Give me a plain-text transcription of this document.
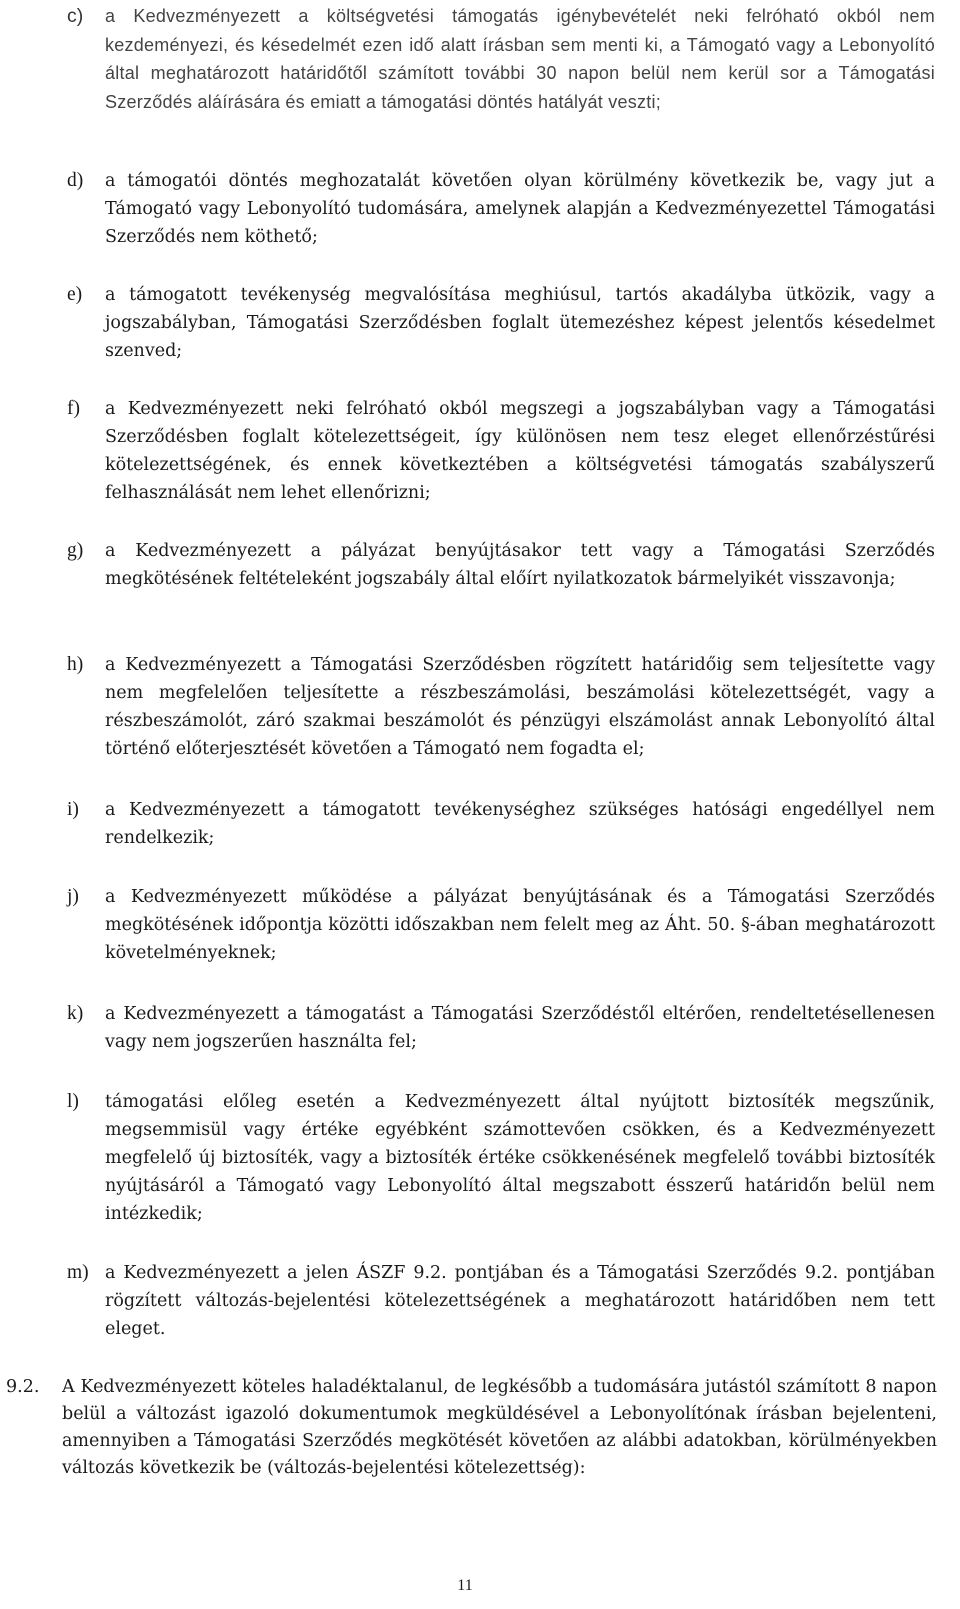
c) a Kedvezményezett a költségvetési támogatás igénybevételét neki felróható okból nem kezdeményezi, és késedelmét ezen idő alatt írásban sem menti ki, a Támogató vagy a Lebonyolító által meghatározott határidőtől számított további 30 napon belül nem kerül sor a Támogatási Szerződés aláírására és emiatt a támogatási döntés hatályát veszti;
d) a támogatói döntés meghozatalát követően olyan körülmény következik be, vagy jut a Támogató vagy Lebonyolító tudomására, amelynek alapján a Kedvezményezettel Támogatási Szerződés nem köthető;
e) a támogatott tevékenység megvalósítása meghiúsul, tartós akadályba ütközik, vagy a jogszabályban, Támogatási Szerződésben foglalt ütemezéshez képest jelentős késedelmet szenved;
f) a Kedvezményezett neki felróható okból megszegi a jogszabályban vagy a Támogatási Szerződésben foglalt kötelezettségeit, így különösen nem tesz eleget ellenőrzéstűrési kötelezettségének, és ennek következtében a költségvetési támogatás szabályszerű felhasználását nem lehet ellenőrizni;
g) a Kedvezményezett a pályázat benyújtásakor tett vagy a Támogatási Szerződés megkötésének feltételeként jogszabály által előírt nyilatkozatok bármelyikét visszavonja;
h) a Kedvezményezett a Támogatási Szerződésben rögzített határidőig sem teljesítette vagy nem megfelelően teljesítette a részbeszámolási, beszámolási kötelezettségét, vagy a részbeszámolót, záró szakmai beszámolót és pénzügyi elszámolást annak Lebonyolító által történő előterjesztését követően a Támogató nem fogadta el;
i) a Kedvezményezett a támogatott tevékenységhez szükséges hatósági engedéllyel nem rendelkezik;
j) a Kedvezményezett működése a pályázat benyújtásának és a Támogatási Szerződés megkötésének időpontja közötti időszakban nem felelt meg az Áht. 50. §-ában meghatározott követelményeknek;
k) a Kedvezményezett a támogatást a Támogatási Szerződéstől eltérően, rendeltetésellenesen vagy nem jogszerűen használta fel;
l) támogatási előleg esetén a Kedvezményezett által nyújtott biztosíték megszűnik, megsemmisül vagy értéke egyébként számottevően csökken, és a Kedvezményezett megfelelő új biztosíték, vagy a biztosíték értéke csökkenésének megfelelő további biztosíték nyújtásáról a Támogató vagy Lebonyolító által megszabott ésszerű határidőn belül nem intézkedik;
m) a Kedvezményezett a jelen ÁSZF 9.2. pontjában és a Támogatási Szerződés 9.2. pontjában rögzített változás-bejelentési kötelezettségének a meghatározott határidőben nem tett eleget.
9.2. A Kedvezményezett köteles haladéktalanul, de legkésőbb a tudomására jutástól számított 8 napon belül a változást igazoló dokumentumok megküldésével a Lebonyolítónak írásban bejelenteni, amennyiben a Támogatási Szerződés megkötését követően az alábbi adatokban, körülményekben változás következik be (változás-bejelentési kötelezettség):
11
